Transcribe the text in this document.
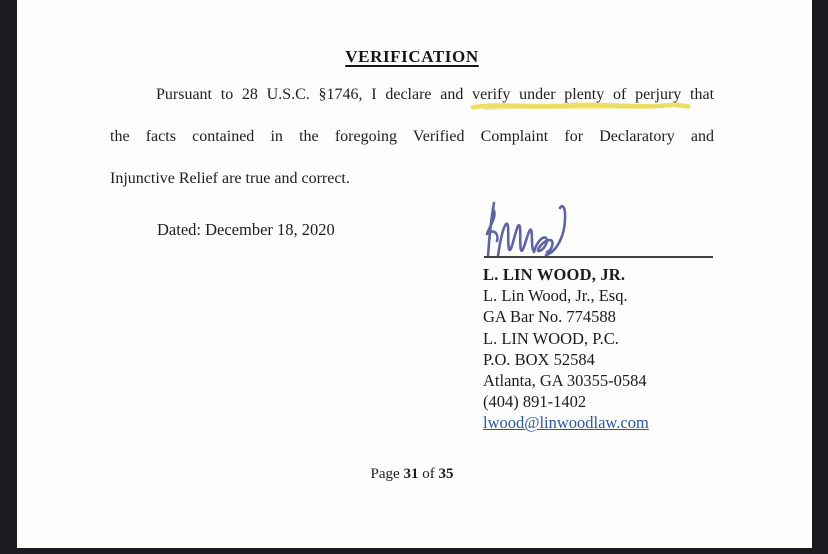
VERIFICATION
Pursuant to 28 U.S.C. §1746, I declare and verify under plenty of perjury that
the facts contained in the foregoing Verified Complaint for Declaratory and
Injunctive Relief are true and correct.
Dated: December 18, 2020
L. LIN WOOD, JR.
L. Lin Wood, Jr., Esq.
GA Bar No. 774588
L. LIN WOOD, P.C.
P.O. BOX 52584
Atlanta, GA 30355-0584
(404) 891-1402
lwood@linwoodlaw.com
Page 31 of 35
